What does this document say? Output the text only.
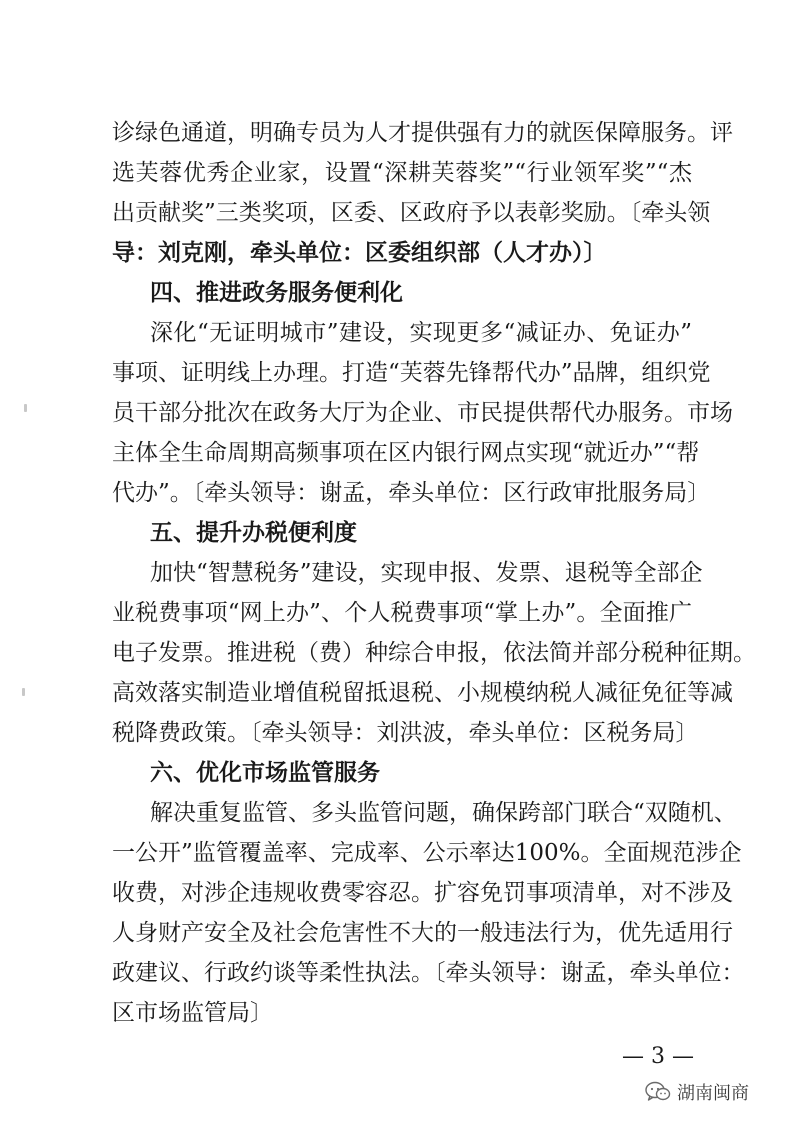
诊绿色通道，明确专员为人才提供强有力的就医保障服务。评
选芙蓉优秀企业家，设置“深耕芙蓉奖”“行业领军奖”“杰
出贡献奖”三类奖项，区委、区政府予以表彰奖励。〔牵头领
导：刘克刚，牵头单位：区委组织部（人才办）〕
四、推进政务服务便利化
深化“无证明城市”建设，实现更多“减证办、免证办”
事项、证明线上办理。打造“芙蓉先锋帮代办”品牌，组织党
员干部分批次在政务大厅为企业、市民提供帮代办服务。市场
主体全生命周期高频事项在区内银行网点实现“就近办”“帮
代办”。〔牵头领导：谢孟，牵头单位：区行政审批服务局〕
五、提升办税便利度
加快“智慧税务”建设，实现申报、发票、退税等全部企
业税费事项“网上办”、个人税费事项“掌上办”。全面推广
电子发票。推进税（费）种综合申报，依法简并部分税种征期。
高效落实制造业增值税留抵退税、小规模纳税人减征免征等减
税降费政策。〔牵头领导：刘洪波，牵头单位：区税务局〕
六、优化市场监管服务
解决重复监管、多头监管问题，确保跨部门联合“双随机、
一公开”监管覆盖率、完成率、公示率达100%。全面规范涉企
收费，对涉企违规收费零容忍。扩容免罚事项清单，对不涉及
人身财产安全及社会危害性不大的一般违法行为，优先适用行
政建议、行政约谈等柔性执法。〔牵头领导：谢孟，牵头单位：
区市场监管局〕
— 3 —
湖南闽商
